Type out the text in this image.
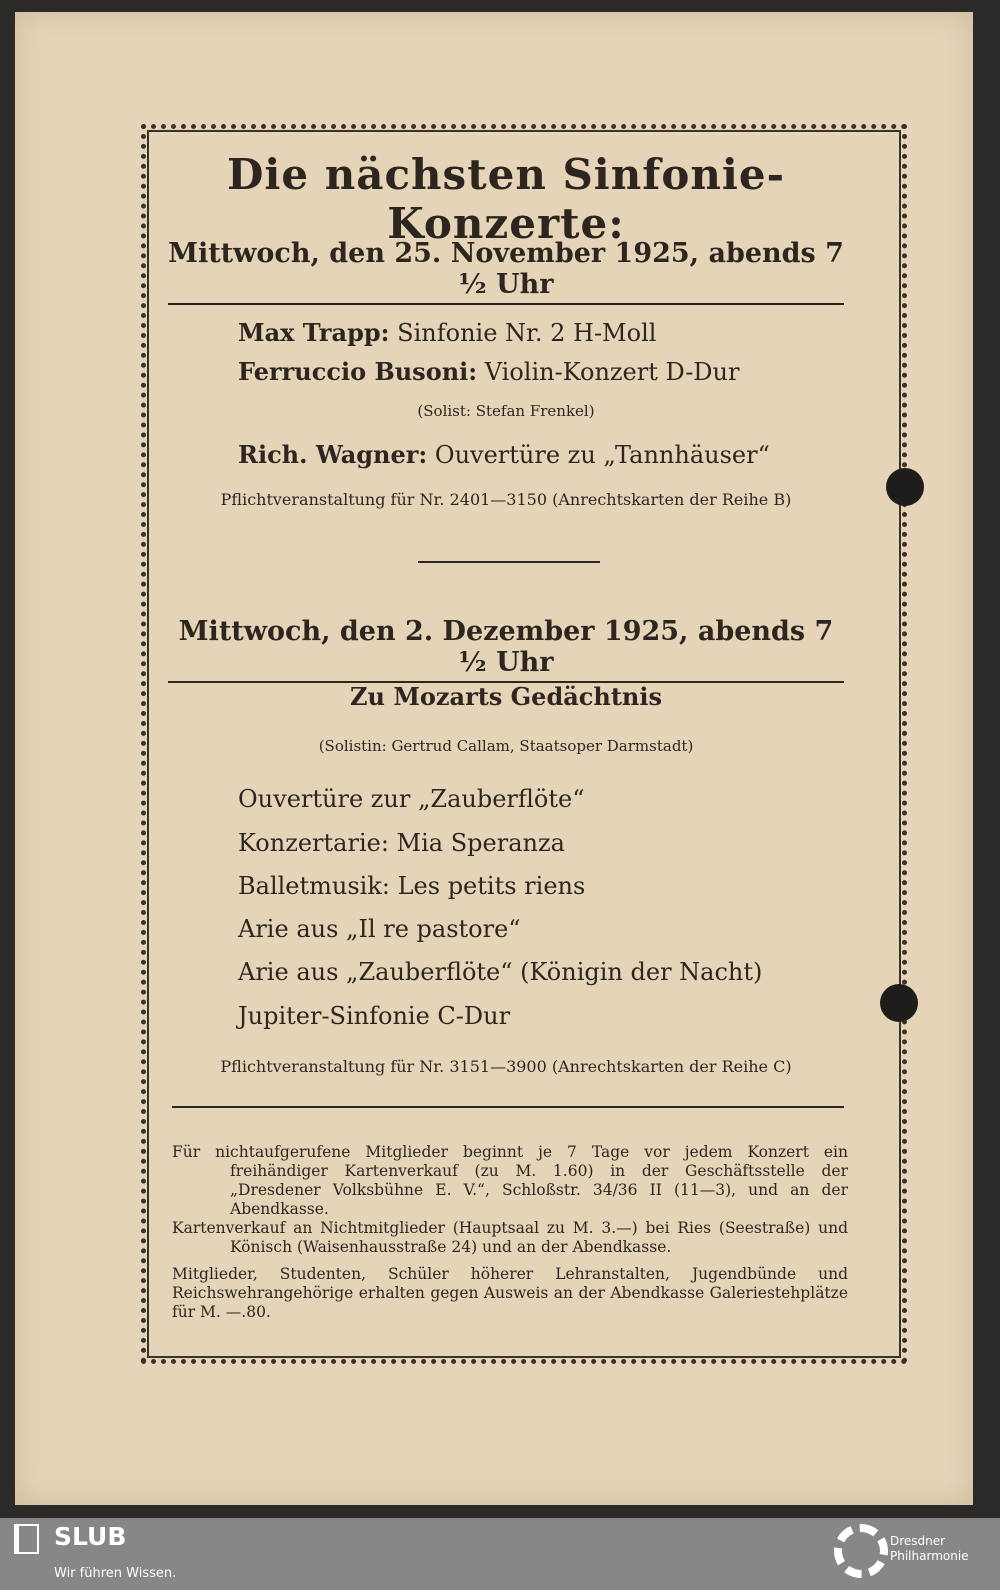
Die nächsten Sinfonie-Konzerte:
Mittwoch, den 25. November 1925, abends 7 ½ Uhr
Max Trapp: Sinfonie Nr. 2 H-Moll
Ferruccio Busoni: Violin-Konzert D-Dur
(Solist: Stefan Frenkel)
Rich. Wagner: Ouvertüre zu „Tannhäuser“
Pflichtveranstaltung für Nr. 2401—3150 (Anrechtskarten der Reihe B)
Mittwoch, den 2. Dezember 1925, abends 7 ½ Uhr
Zu Mozarts Gedächtnis
(Solistin: Gertrud Callam, Staatsoper Darmstadt)
Ouvertüre zur „Zauberflöte“
Konzertarie: Mia Speranza
Balletmusik: Les petits riens
Arie aus „Il re pastore“
Arie aus „Zauberflöte“ (Königin der Nacht)
Jupiter-Sinfonie C-Dur
Pflichtveranstaltung für Nr. 3151—3900 (Anrechtskarten der Reihe C)

Für nichtaufgerufene Mitglieder beginnt je 7 Tage vor jedem Konzert ein freihändiger Kartenverkauf (zu M. 1.60) in der Geschäftsstelle der „Dresdener Volksbühne E. V.“, Schloßstr. 34/36 II (11—3), und an der Abendkasse.

Kartenverkauf an Nichtmitglieder (Hauptsaal zu M. 3.—) bei Ries (Seestraße) und Könisch (Waisenhausstraße 24) und an der Abendkasse.

Mitglieder, Studenten, Schüler höherer Lehranstalten, Jugendbünde und Reichswehrangehörige erhalten gegen Ausweis an der Abendkasse Galeriestehplätze für M. —.80.

SLUB
Wir führen Wissen.
Dresdner
Philharmonie
